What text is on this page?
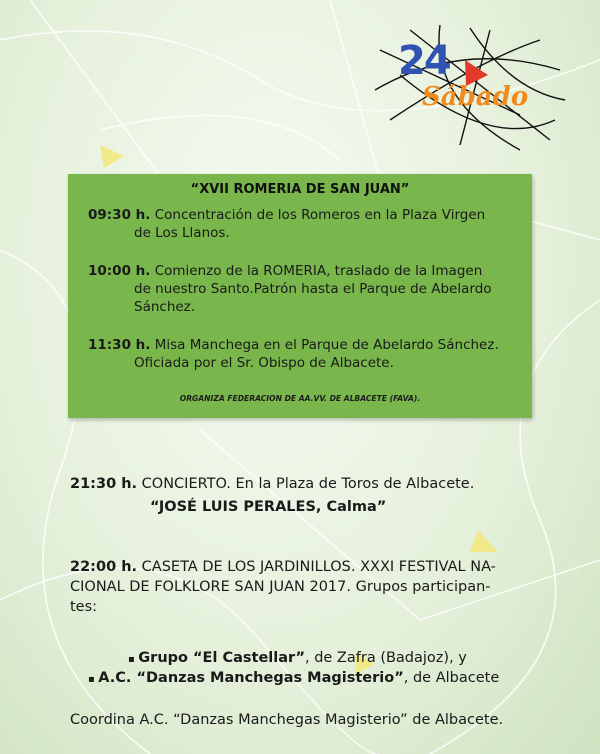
24
Sábado
“XVII ROMERIA DE SAN JUAN”
09:30 h. Concentración de los Romeros en la Plaza Virgen
de Los Llanos.
10:00 h. Comienzo de la ROMERIA, traslado de la Imagen
de nuestro Santo.Patrón hasta el Parque de Abelardo
Sánchez.
11:30 h. Misa Manchega en el Parque de Abelardo Sánchez.
Oficiada por el Sr. Obispo de Albacete.
ORGANIZA FEDERACION DE AA.VV. DE ALBACETE (FAVA).
21:30 h. CONCIERTO. En la Plaza de Toros de Albacete.
“JOSÉ LUIS PERALES, Calma”
22:00 h. CASETA DE LOS JARDINILLOS. XXXI FESTIVAL NA-
CIONAL DE FOLKLORE SAN JUAN 2017. Grupos participan-
tes:
▪ Grupo “El Castellar”, de Zafra (Badajoz), y
▪ A.C. “Danzas Manchegas Magisterio”, de Albacete
Coordina A.C. “Danzas Manchegas Magisterio” de Albacete.
